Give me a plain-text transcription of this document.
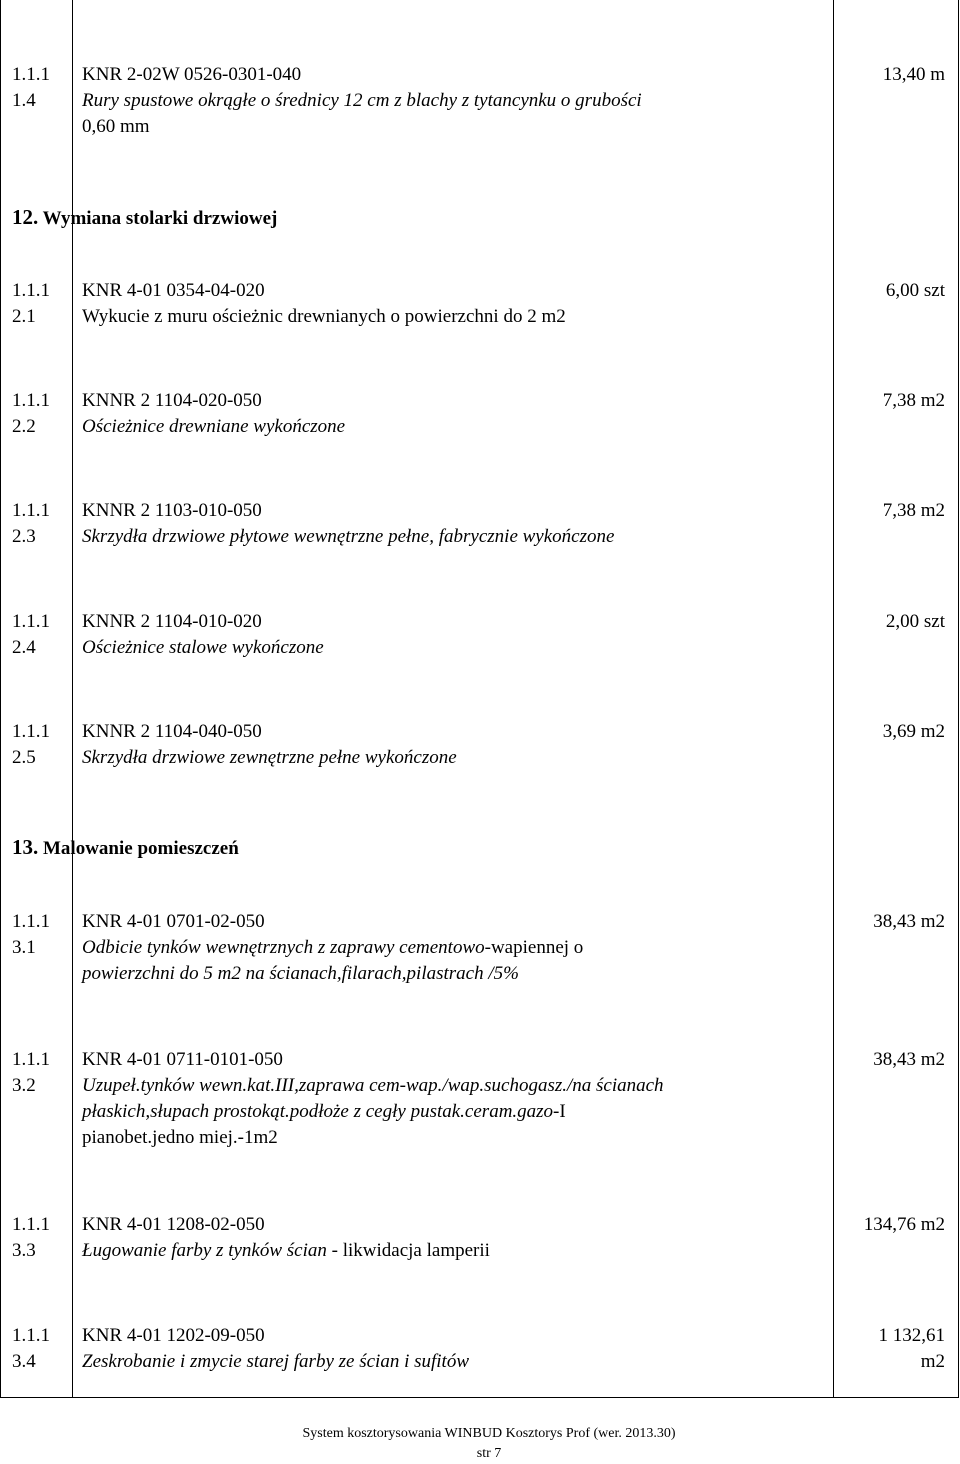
1.1.1
1.4
KNR 2-02W 0526-0301-040
Rury spustowe okrągłe o średnicy 12 cm z blachy z tytancynku o grubości
0,60 mm
13,40 m
12. Wymiana stolarki drzwiowej
1.1.1
2.1
KNR 4-01 0354-04-020
Wykucie z muru ościeżnic drewnianych o powierzchni do 2 m2
6,00 szt
1.1.1
2.2
KNNR 2 1104-020-050
Ościeżnice drewniane wykończone
7,38 m2
1.1.1
2.3
KNNR 2 1103-010-050
Skrzydła drzwiowe płytowe wewnętrzne pełne, fabrycznie wykończone
7,38 m2
1.1.1
2.4
KNNR 2 1104-010-020
Ościeżnice stalowe wykończone
2,00 szt
1.1.1
2.5
KNNR 2 1104-040-050
Skrzydła drzwiowe zewnętrzne pełne wykończone
3,69 m2
13. Malowanie pomieszczeń
1.1.1
3.1
KNR 4-01 0701-02-050
Odbicie tynków wewnętrznych z zaprawy cementowo-wapiennej o
powierzchni do 5 m2 na ścianach,filarach,pilastrach /5%
38,43 m2
1.1.1
3.2
KNR 4-01 0711-0101-050
Uzupeł.tynków wewn.kat.III,zaprawa cem-wap./wap.suchogasz./na ścianach
płaskich,słupach prostokąt.podłoże z cegły pustak.ceram.gazo-I
pianobet.jedno miej.-1m2
38,43 m2
1.1.1
3.3
KNR 4-01 1208-02-050
Ługowanie farby z tynków ścian - likwidacja lamperii
134,76 m2
1.1.1
3.4
KNR 4-01 1202-09-050
Zeskrobanie i zmycie starej farby ze ścian i sufitów
1 132,61
m2
System kosztorysowania WINBUD Kosztorys Prof (wer. 2013.30)
str 7
